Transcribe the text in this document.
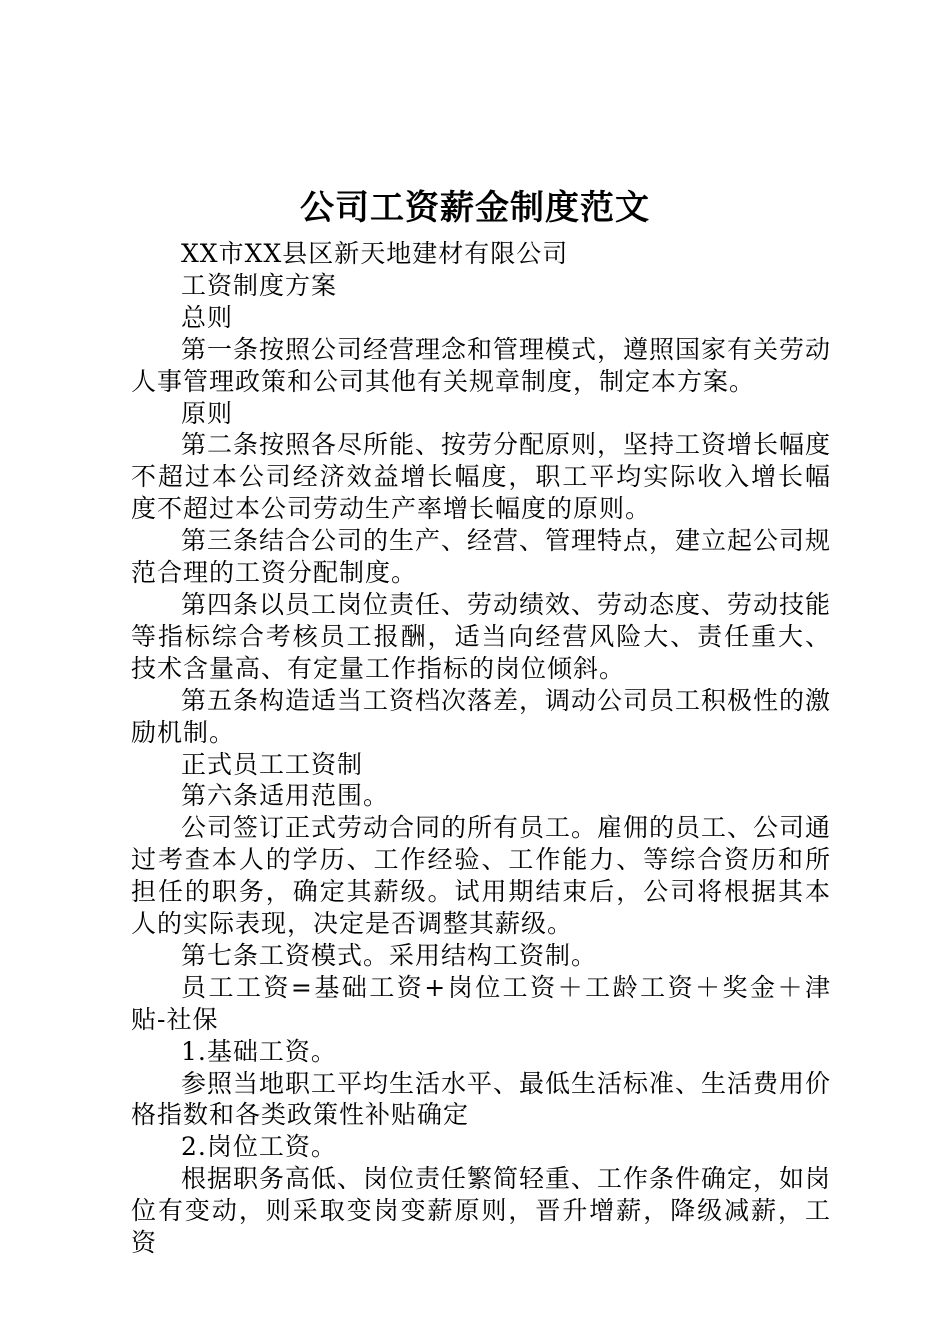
公司工资薪金制度范文

XX市XX县区新天地建材有限公司

工资制度方案

总则

第一条按照公司经营理念和管理模式，遵照国家有关劳动人事管理政策和公司其他有关规章制度，制定本方案。

原则

第二条按照各尽所能、按劳分配原则，坚持工资增长幅度不超过本公司经济效益增长幅度，职工平均实际收入增长幅度不超过本公司劳动生产率增长幅度的原则。

第三条结合公司的生产、经营、管理特点，建立起公司规范合理的工资分配制度。

第四条以员工岗位责任、劳动绩效、劳动态度、劳动技能等指标综合考核员工报酬，适当向经营风险大、责任重大、技术含量高、有定量工作指标的岗位倾斜。

第五条构造适当工资档次落差，调动公司员工积极性的激励机制。

正式员工工资制

第六条适用范围。

公司签订正式劳动合同的所有员工。雇佣的员工、公司通过考查本人的学历、工作经验、工作能力、等综合资历和所担任的职务，确定其薪级。试用期结束后，公司将根据其本人的实际表现，决定是否调整其薪级。

第七条工资模式。采用结构工资制。

员工工资=基础工资+岗位工资＋工龄工资＋奖金＋津贴-社保

1.基础工资。

参照当地职工平均生活水平、最低生活标准、生活费用价格指数和各类政策性补贴确定

2.岗位工资。

根据职务高低、岗位责任繁简轻重、工作条件确定，如岗位有变动，则采取变岗变薪原则，晋升增薪，降级减薪，工资
